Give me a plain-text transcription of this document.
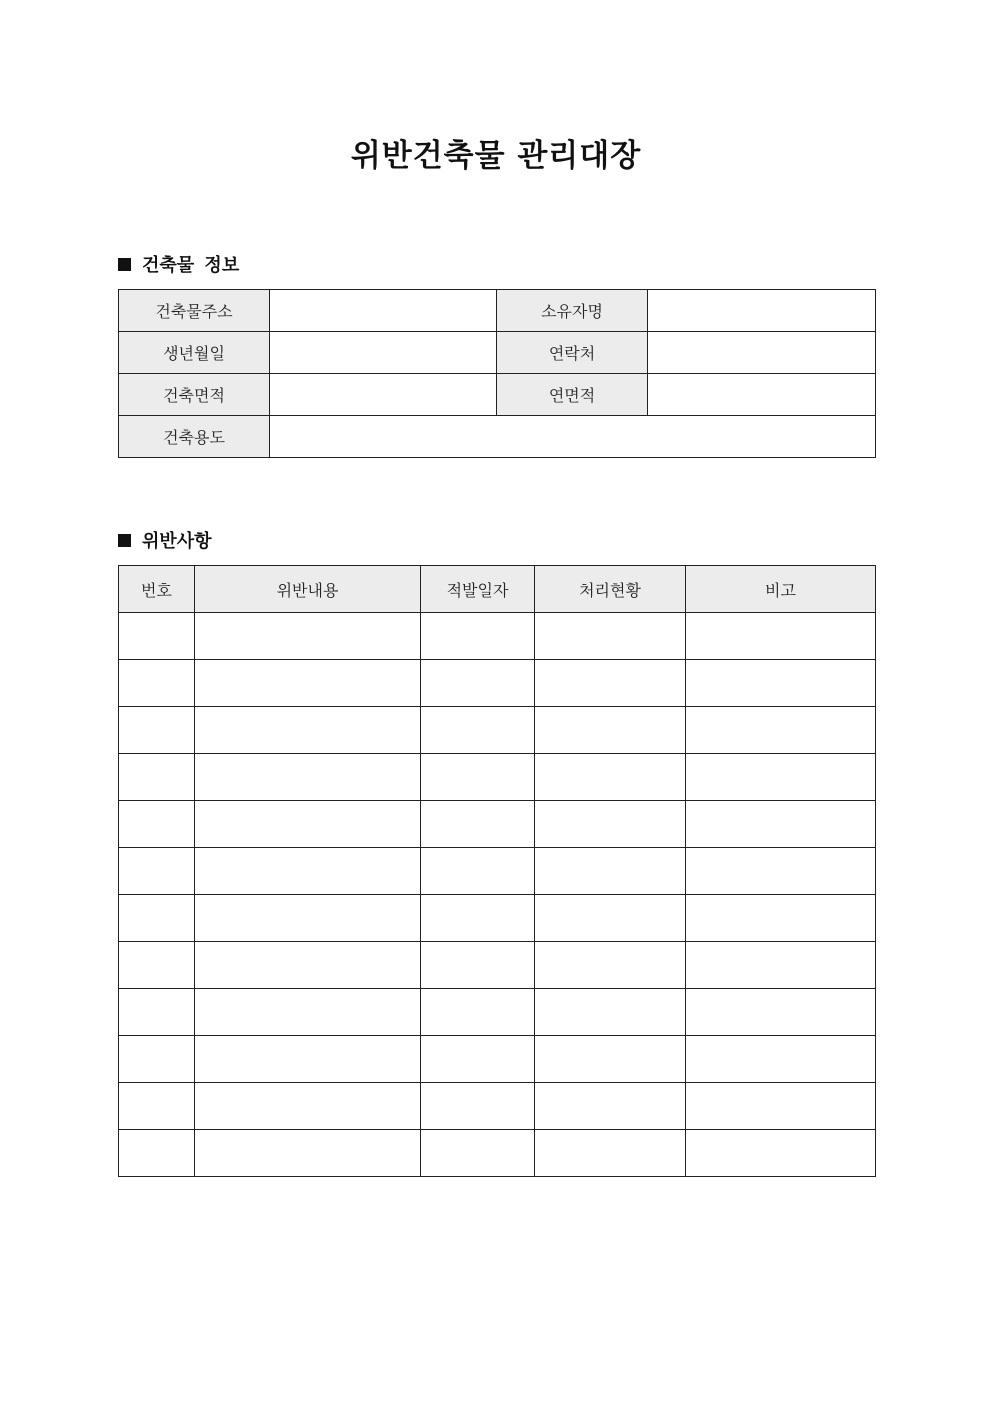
위반건축물 관리대장
건축물 정보
건축물주소		소유자명	
생년월일		연락처	
건축면적		연면적	
건축용도			
위반사항
번호	위반내용	적발일자	처리현황	비고
